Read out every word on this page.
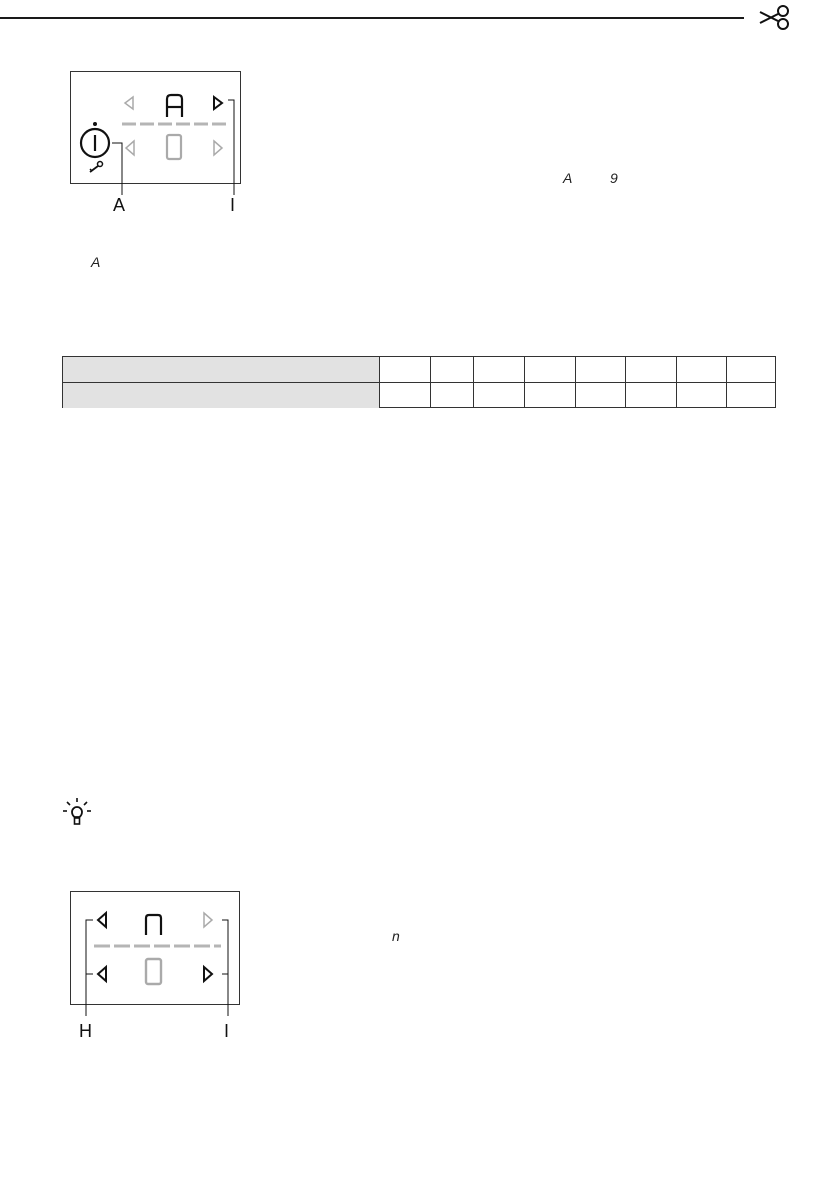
A	I
A	9
A
H	I
n
